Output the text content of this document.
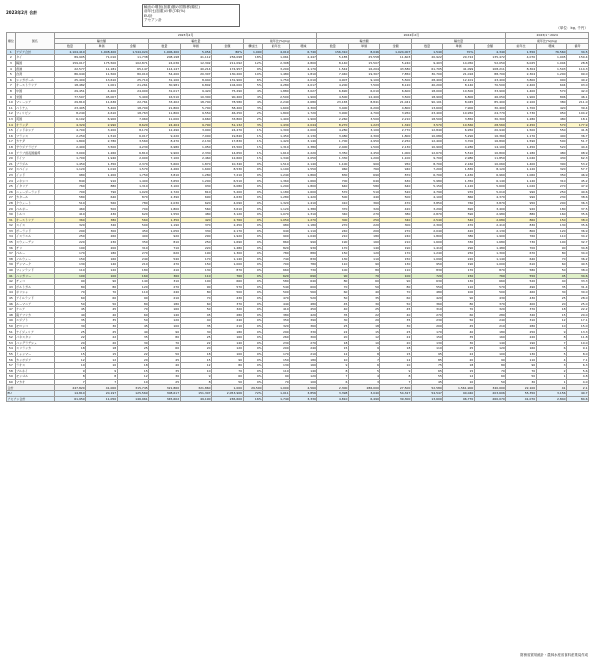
2023年2月 合計
輸出の増加(加重)額の国推移(順位)
前年比(加重)の伸び率(%)
EU計
アセアン計
（単位：kg, 千円）
順位	国名	2023年2月									2024年2月						2023/1～2024		
		輸出額			輸出量			前年比(%)(kg)			輸出額			輸出量			前年比(%)(kg)		
		数量	単価	金額	数量	単価	金額	構成比	前年比	増減	数量	単価	金額	数量	単価	金額	前年比	増減	備考
1	アジア合計	2,104,410	1,008,400	1,544,024	1,006,400	5,054	86%	1,000	4,019	6,740	156,310	8,046	1,024,007	1,540	70%	4,340	1,550	76,560	34.5
2	タイ	89,905	71,010	11,738	208,198	41,112	256,098	18%	1,061	2,447	5,185	25,558	11,603	20,922	29,722	135,472	4,070	1,045	150.4
3	韓国	159,017	175,500	102,871	24,036	12,302	211,092	12%	2,308	4,800	8,140	15,507	5,240	9,403	14,050	52,050	6,025	1,004	28.8
4	香港	22,577	11,181	65,147	114,147	40,214	174,957	9%	3,200	4,170	1,542	16,204	43,580	61,705	41,099	108,211	8,304	1,503	114.3
5	台湾	86,940	11,500	80,010	54,200	20,307	130,200	10%	1,480	1,810	7,040	19,307	7,850	30,700	21,016	88,700	2,304	1,200	99.0
6	シンガポール	25,400	13,610	25,710	31,100	8,940	131,900	6%	1,750	2,010	4,907	9,100	5,500	28,400	12,101	43,400	3,800	900	40.2
7	オーストラリア	18,482	1,001	21,261	30,981	6,802	104,000	5%	4,280	4,017	4,200	7,500	8,120	40,200	8,140	70,500	2,400	604	93.0
8	中国	29,451	4,400	24,900	31,017	9,420	75,290	4%	1,880	3,027	6,690	6,010	6,600	18,000	10,500	33,900	1,400	570	42.0
9	米国	77,507	45,007	5,400	16,510	10,300	90,400	4%	2,500	1,900	4,500	12,400	3,500	18,900	6,800	46,050	1,900	806	46.1
10	マレーシア	29,810	11,636	22,761	33,402	18,700	78,580	4%	2,240	2,680	23,165	8,841	21,041	90,101	8,045	85,400	2,100	380	211.0
11	ベトナム	23,405	5,400	18,700	21,800	5,700	58,400	3%	1,600	2,300	3,400	6,200	4,800	13,600	7,900	30,400	1,700	420	39.4
12	フィリピン	8,240	4,610	18,763	11,800	9,550	46,250	2%	1,800	1,720	3,900	4,700	3,950	23,400	10,950	24,770	1,730	950	104.2
13	英国	6,102	6,900	7,960	11,000	4,660	33,800	2%	1,400	1,900	2,260	3,500	2,210	18,500	3,850	30,300	1,280	480	18.1
14	オランダ	4,329	2,990	8,620	24,404	9,790	51,132	3%	1,430	2,044	8,270	1,223	1,320	3,570	10,560	28,560	2,450	570	177.9
15	インドネシア	4,700	3,200	8,170	12,490	3,900	24,470	1%	1,300	2,000	4,280	3,100	2,770	12,840	6,950	20,940	1,500	550	41.8
16	フランス	2,250	1,510	6,017	9,220	7,000	19,840	1%	1,450	2,130	3,480	2,300	1,800	10,080	5,290	16,360	1,170	400	36.7
17	カナダ	1,800	2,780	3,560	8,470	2,130	17,830	1%	1,420	3,140	1,700	2,950	2,250	12,400	3,700	16,890	1,590	500	51.7
18	サウジアラビア	2,400	3,500	4,230	6,980	1,950	15,500	1%	1,310	2,380	2,400	1,500	2,130	10,900	4,280	14,100	1,450	520	44.4
19	アラブ首長国連邦	3,000	1,260	6,810	9,900	2,330	14,650	1%	1,610	2,220	3,350	2,450	1,000	12,670	5,510	10,800	1,180	480	98.9
20	ドイツ	1,700	1,940	2,900	7,100	2,460	12,600	1%	1,340	2,050	1,330	1,200	1,100	9,700	2,980	11,850	1,040	430	62.3
21	ブラジル	1,450	1,350	2,370	5,600	1,870	10,340	0%	1,510	2,140	1,100	900	950	8,700	2,160	10,060	1,400	390	53.2
22	スペイン	1,120	1,010	1,570	4,260	1,600	8,530	0%	1,190	1,550	960	760	940	7,200	1,830	8,120	1,120	320	57.7
23	インド	980	1,200	1,750	3,810	1,280	7,210	0%	1,240	1,860	830	690	870	6,700	1,430	6,960	1,060	350	46.9
24	メキシコ	840	910	1,400	3,650	1,200	6,510	0%	1,360	1,660	700	640	630	5,980	1,350	6,140	1,140	310	45.2
25	イタリア	760	880	1,310	3,100	930	6,080	0%	1,290	1,800	640	580	640	5,150	1,120	5,600	1,020	270	47.9
26	ニュージーランド	700	790	1,020	2,720	810	5,200	0%	1,180	1,600	570	510	520	4,790	970	5,010	990	250	40.6
27	カタール	580	640	870	2,390	690	4,630	0%	1,280	1,420	500	440	500	4,100	860	4,370	990	230	38.6
28	クウェート	510	560	780	2,030	620	4,090	0%	1,320	1,410	410	360	470	3,850	760	3,870	950	200	36.3
29	ベルギー	460	500	700	1,800	560	3,610	0%	1,120	1,380	370	320	420	3,290	690	3,400	920	180	37.5
30	トルコ	410	430	620	1,550	480	3,120	0%	1,070	1,310	340	270	380	2,870	590	2,980	880	160	35.6
31	オーストリア	360	380	560	1,350	420	2,760	0%	1,050	1,270	300	250	340	2,540	540	2,680	860	150	38.0
32	スイス	320	340	500	1,190	370	2,450	0%	980	1,180	270	220	300	2,300	470	2,410	830	130	35.6
33	ポーランド	290	300	450	1,050	330	2,170	0%	940	1,110	240	200	270	2,040	420	2,130	800	120	36.9
34	イスラエル	250	260	400	920	290	1,920	0%	900	1,040	210	180	240	1,800	380	1,900	760	110	34.2
35	スウェーデン	220	230	350	810	250	1,690	0%	860	990	190	160	210	1,600	330	1,680	730	100	32.7
36	チリ	190	200	310	710	220	1,480	0%	820	930	170	140	190	1,410	290	1,480	700	90	34.8
37	ペルー	170	180	270	620	190	1,300	0%	780	880	150	120	170	1,240	250	1,300	670	80	34.0
38	ノルウェー	150	160	240	540	170	1,140	0%	740	830	130	110	150	1,090	220	1,140	640	70	36.2
39	デンマーク	130	140	210	470	150	1,000	0%	700	780	110	90	130	950	190	1,000	610	60	40.5
40	フィンランド	110	120	180	410	130	870	0%	660	730	100	80	110	830	170	870	580	50	38.0
41	ハンガリー	100	100	160	360	110	760	0%	620	690	90	70	100	720	150	760	550	45	34.6
42	チェコ	90	90	140	310	100	660	0%	580	640	80	60	90	630	130	660	520	40	33.3
43	ポルトガル	80	80	120	270	90	570	0%	540	600	70	50	80	550	110	570	490	35	31.4
44	ギリシャ	70	70	110	240	80	500	0%	500	560	60	40	70	480	100	500	460	30	30.0
45	アイルランド	60	60	90	210	70	430	0%	470	520	50	35	60	420	90	430	430	25	28.0
46	ルーマニア	50	50	80	180	60	370	0%	440	480	45	30	50	360	80	370	400	20	25.0
47	ケニア	45	45	70	160	50	320	0%	410	450	40	25	45	310	70	320	370	18	22.2
48	南アフリカ	40	40	60	140	45	280	0%	380	420	35	22	40	270	60	280	340	15	20.0
49	エジプト	35	35	50	120	40	240	0%	350	390	30	20	35	230	50	240	310	12	17.1
50	モロッコ	30	30	45	100	35	210	0%	320	360	25	18	30	200	45	210	280	10	15.0
51	ナイジェリア	25	25	40	90	30	180	0%	290	330	22	15	25	170	40	180	250	9	13.3
52	パキスタン	22	22	35	80	25	160	0%	260	300	20	12	22	150	35	160	220	8	11.8
53	バングラデシュ	20	20	30	70	22	140	0%	230	270	18	10	20	130	30	140	190	7	10.0
54	スリランカ	18	18	25	60	20	120	0%	200	240	15	9	18	110	25	120	160	6	9.1
55	ミャンマー	15	15	22	50	18	100	0%	170	210	12	8	15	95	22	100	130	5	8.0
56	カンボジア	12	12	20	45	15	90	0%	150	180	10	7	12	85	20	90	110	4	7.1
57	ラオス	10	10	18	40	12	80	0%	130	160	9	6	10	75	18	80	90	3	6.3
58	ブルネイ	9	9	15	35	10	70	0%	110	140	8	5	9	65	15	70	70	2	5.6
59	モンゴル	8	8	12	30	9	60	0%	90	120	7	4	8	55	12	60	50	1	4.8
60	マカオ	7	7	10	25	8	50	0%	70	100	6	3	7	45	10	50	30	1	4.0
合計		247,820	41,000	315,745	321,860	321,860	1,000	29,500	1,000	4,560	2,300	286,000	27,500	52,580	1,561,900	340,000	22,100	41	2.1
EU		14,810	20,197	125,569	308,617	151,307	2,053,906	72%	1,011	3,856	3,398	3,040	54,327	54,547	90,040	203,606	55,350	3,156	40.7
アセアン合計		61,950	11,050	146,961	345,602	49,190	265,600	16%	1,740	3,330	4,810	6,490	39,300	13,600	96,770	260,070	41,070	2,840	84.6
財務省貿易統計・農林水産省食料産業局作成
